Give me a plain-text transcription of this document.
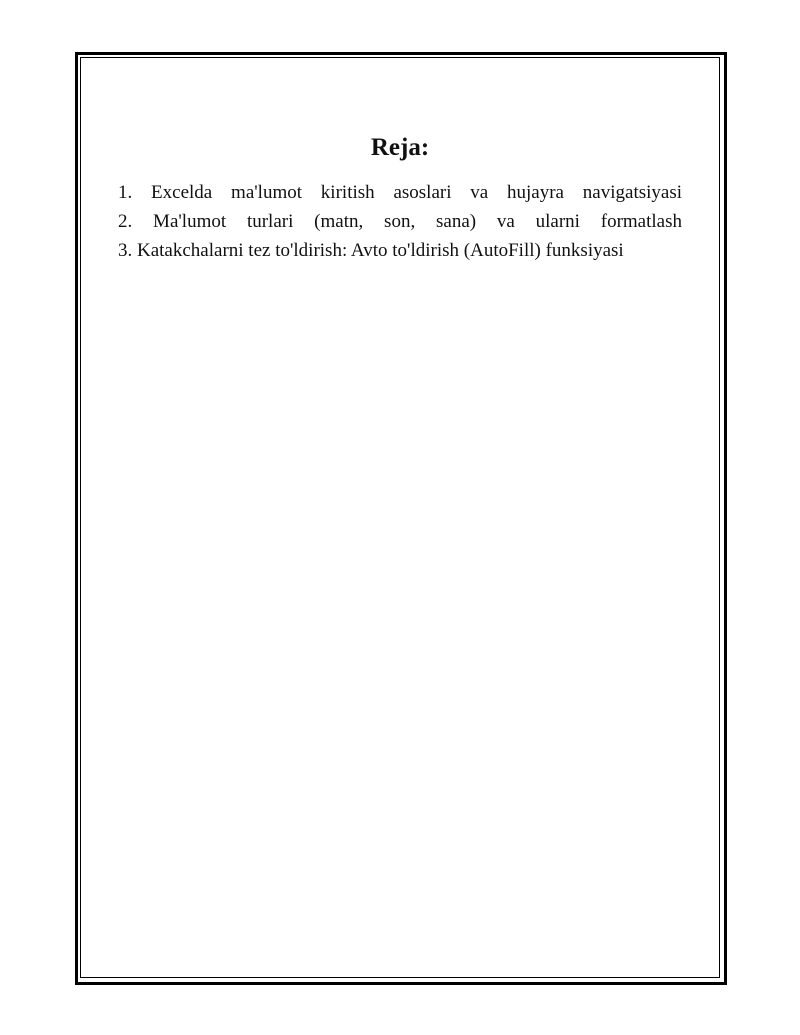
Reja:
1. Excelda ma'lumot kiritish asoslari va hujayra navigatsiyasi
2. Ma'lumot turlari (matn, son, sana) va ularni formatlash
3. Katakchalarni tez to'ldirish: Avto to'ldirish (AutoFill) funksiyasi
